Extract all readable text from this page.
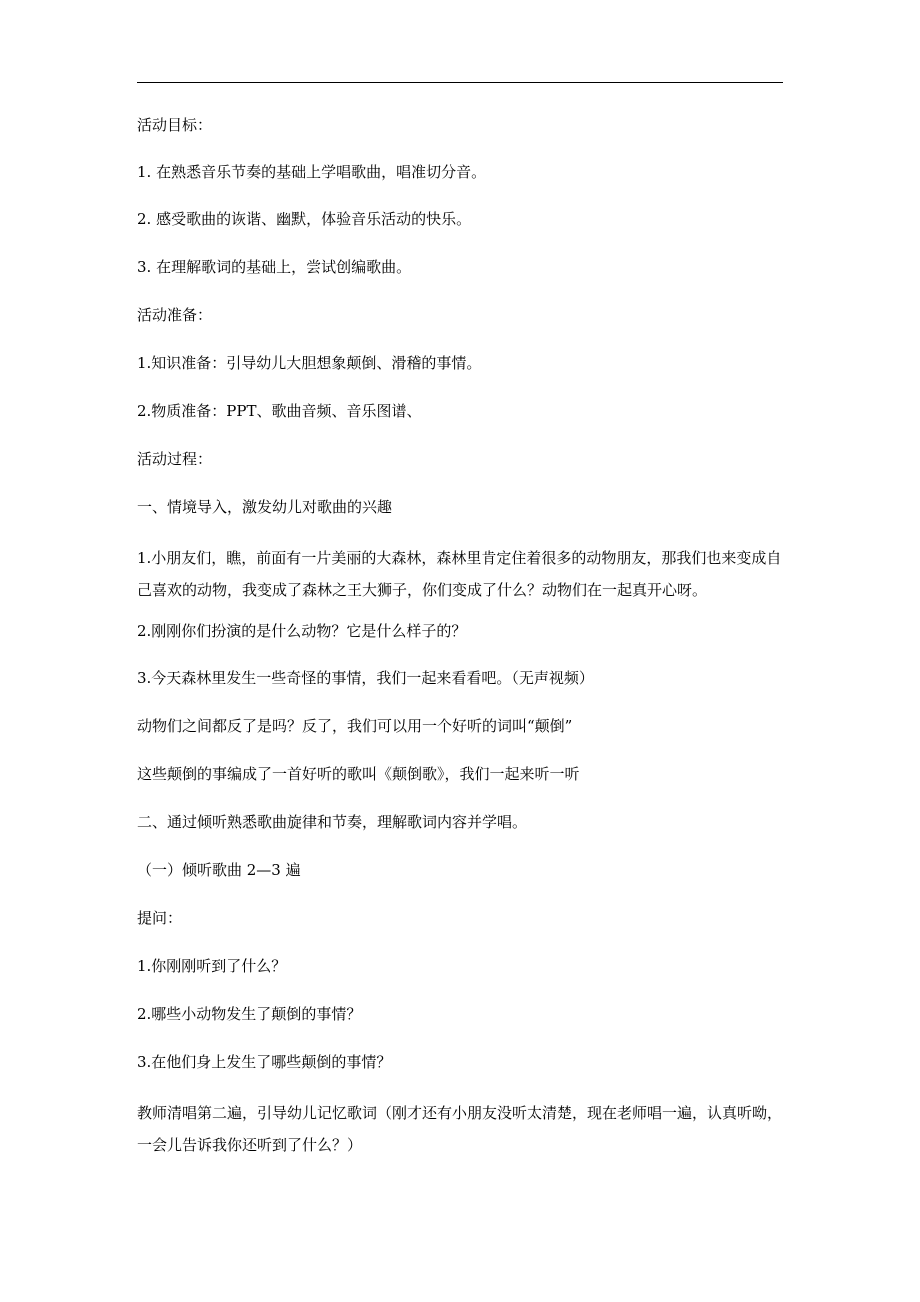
活动目标：
1. 在熟悉音乐节奏的基础上学唱歌曲，唱准切分音。
2. 感受歌曲的诙谐、幽默，体验音乐活动的快乐。
3. 在理解歌词的基础上，尝试创编歌曲。
活动准备：
1.知识准备：引导幼儿大胆想象颠倒、滑稽的事情。
2.物质准备：PPT、歌曲音频、音乐图谱、
活动过程：
一、情境导入，激发幼儿对歌曲的兴趣
1.小朋友们，瞧，前面有一片美丽的大森林，森林里肯定住着很多的动物朋友，那我们也来变成自己喜欢的动物，我变成了森林之王大狮子，你们变成了什么？动物们在一起真开心呀。
2.刚刚你们扮演的是什么动物？它是什么样子的？
3.今天森林里发生一些奇怪的事情，我们一起来看看吧。（无声视频）
动物们之间都反了是吗？反了，我们可以用一个好听的词叫“颠倒”
这些颠倒的事编成了一首好听的歌叫《颠倒歌》，我们一起来听一听
二、通过倾听熟悉歌曲旋律和节奏，理解歌词内容并学唱。
（一）倾听歌曲 2—3 遍
提问：
1.你刚刚听到了什么？
2.哪些小动物发生了颠倒的事情？
3.在他们身上发生了哪些颠倒的事情？
教师清唱第二遍，引导幼儿记忆歌词（刚才还有小朋友没听太清楚，现在老师唱一遍，认真听呦，一会儿告诉我你还听到了什么？）
